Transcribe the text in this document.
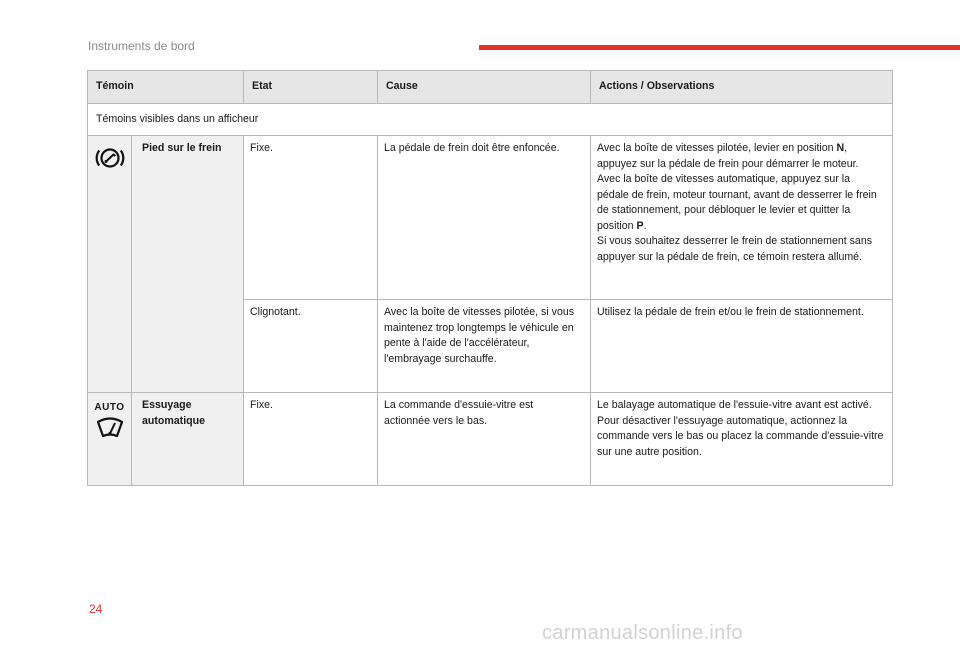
Instruments de bord
Témoin		Etat	Cause	Actions / Observations
Témoins visibles dans un afficheur				

	Pied sur le frein	Fixe.	La pédale de frein doit être enfoncée.	Avec la boîte de vitesses pilotée, levier en position N, appuyez sur la pédale de frein pour démarrer le moteur.
Avec la boîte de vitesses automatique, appuyez sur la pédale de frein, moteur tournant, avant de desserrer le frein de stationnement, pour débloquer le levier et quitter la position P.
Si vous souhaitez desserrer le frein de stationnement sans appuyer sur la pédale de frein, ce témoin restera allumé.
		Clignotant.	Avec la boîte de vitesses pilotée, si vous maintenez trop longtemps le véhicule en pente à l'aide de l'accélérateur, l'embrayage surchauffe.	Utilisez la pédale de frein et/ou le frein de stationnement.

AUTO	Essuyage automatique	Fixe.	La commande d'essuie-vitre est actionnée vers le bas.	Le balayage automatique de l'essuie-vitre avant est activé.
Pour désactiver l'essuyage automatique, actionnez la commande vers le bas ou placez la commande d'essuie-vitre sur une autre position.
24
carmanualsonline.info
